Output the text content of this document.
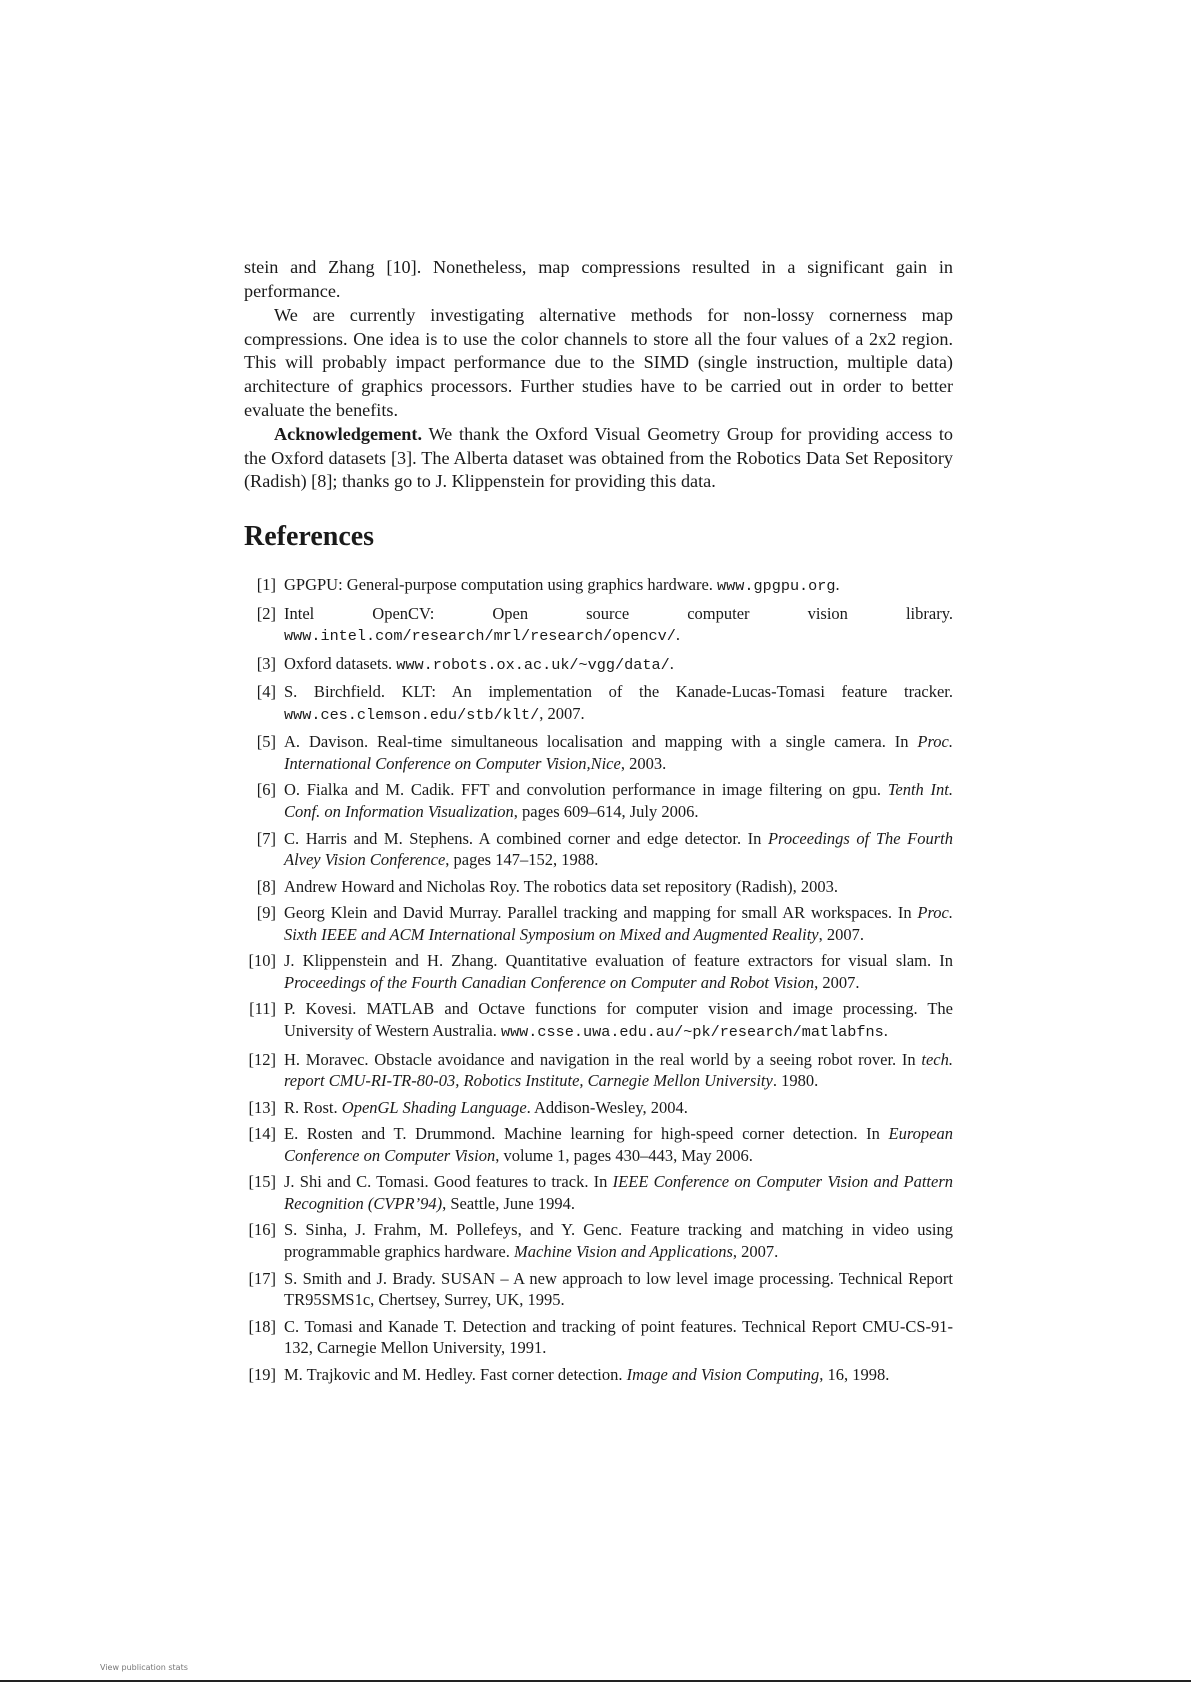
stein and Zhang [10]. Nonetheless, map compressions resulted in a significant gain in performance.

We are currently investigating alternative methods for non-lossy cornerness map compressions. One idea is to use the color channels to store all the four values of a 2x2 region. This will probably impact performance due to the SIMD (single instruction, multiple data) architecture of graphics processors. Further studies have to be carried out in order to better evaluate the benefits.

Acknowledgement. We thank the Oxford Visual Geometry Group for providing access to the Oxford datasets [3]. The Alberta dataset was obtained from the Robotics Data Set Repository (Radish) [8]; thanks go to J. Klippenstein for providing this data.

References
[1] GPGPU: General-purpose computation using graphics hardware. www.gpgpu.org.
[2] Intel OpenCV: Open source computer vision library. www.intel.com/research/mrl/research/opencv/.
[3] Oxford datasets. www.robots.ox.ac.uk/~vgg/data/.
[4] S. Birchfield. KLT: An implementation of the Kanade-Lucas-Tomasi feature tracker. www.ces.clemson.edu/stb/klt/, 2007.
[5] A. Davison. Real-time simultaneous localisation and mapping with a single camera. In Proc. International Conference on Computer Vision,Nice, 2003.
[6] O. Fialka and M. Cadik. FFT and convolution performance in image filtering on gpu. Tenth Int. Conf. on Information Visualization, pages 609–614, July 2006.
[7] C. Harris and M. Stephens. A combined corner and edge detector. In Proceedings of The Fourth Alvey Vision Conference, pages 147–152, 1988.
[8] Andrew Howard and Nicholas Roy. The robotics data set repository (Radish), 2003.
[9] Georg Klein and David Murray. Parallel tracking and mapping for small AR workspaces. In Proc. Sixth IEEE and ACM International Symposium on Mixed and Augmented Reality, 2007.
[10] J. Klippenstein and H. Zhang. Quantitative evaluation of feature extractors for visual slam. In Proceedings of the Fourth Canadian Conference on Computer and Robot Vision, 2007.
[11] P. Kovesi. MATLAB and Octave functions for computer vision and image processing. The University of Western Australia. www.csse.uwa.edu.au/~pk/research/matlabfns.
[12] H. Moravec. Obstacle avoidance and navigation in the real world by a seeing robot rover. In tech. report CMU-RI-TR-80-03, Robotics Institute, Carnegie Mellon University. 1980.
[13] R. Rost. OpenGL Shading Language. Addison-Wesley, 2004.
[14] E. Rosten and T. Drummond. Machine learning for high-speed corner detection. In European Conference on Computer Vision, volume 1, pages 430–443, May 2006.
[15] J. Shi and C. Tomasi. Good features to track. In IEEE Conference on Computer Vision and Pattern Recognition (CVPR’94), Seattle, June 1994.
[16] S. Sinha, J. Frahm, M. Pollefeys, and Y. Genc. Feature tracking and matching in video using programmable graphics hardware. Machine Vision and Applications, 2007.
[17] S. Smith and J. Brady. SUSAN – A new approach to low level image processing. Technical Report TR95SMS1c, Chertsey, Surrey, UK, 1995.
[18] C. Tomasi and Kanade T. Detection and tracking of point features. Technical Report CMU-CS-91-132, Carnegie Mellon University, 1991.
[19] M. Trajkovic and M. Hedley. Fast corner detection. Image and Vision Computing, 16, 1998.
View publication stats
